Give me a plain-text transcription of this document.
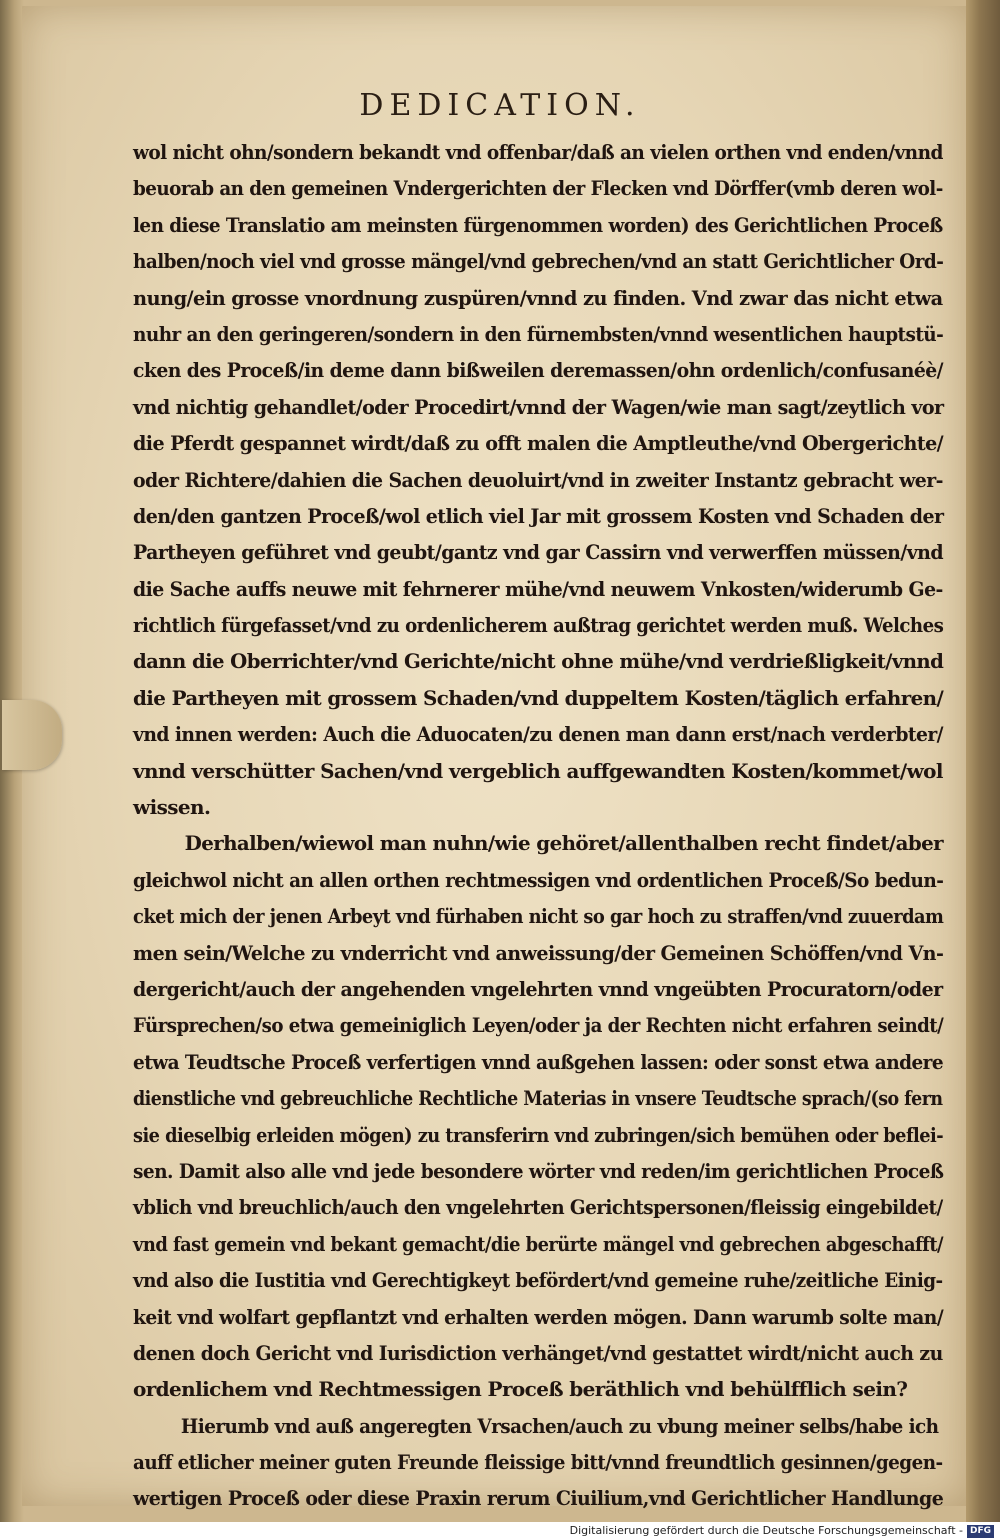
DEDICATION.
wol nicht ohn/sondern bekandt vnd offenbar/daß an vielen orthen vnd enden/vnnd
beuorab an den gemeinen Vndergerichten der Flecken vnd Dörffer(vmb deren wol-
len diese Translatio am meinsten fürgenommen worden) des Gerichtlichen Proceß
halben/noch viel vnd grosse mängel/vnd gebrechen/vnd an statt Gerichtlicher Ord-
nung/ein grosse vnordnung zuspüren/vnnd zu finden. Vnd zwar das nicht etwa
nuhr an den geringeren/sondern in den fürnembsten/vnnd wesentlichen hauptstü-
cken des Proceß/in deme dann bißweilen deremassen/ohn ordenlich/confusanéè/
vnd nichtig gehandlet/oder Procedirt/vnnd der Wagen/wie man sagt/zeytlich vor
die Pferdt gespannet wirdt/daß zu offt malen die Amptleuthe/vnd Obergerichte/
oder Richtere/dahien die Sachen deuoluirt/vnd in zweiter Instantz gebracht wer-
den/den gantzen Proceß/wol etlich viel Jar mit grossem Kosten vnd Schaden der
Partheyen geführet vnd geubt/gantz vnd gar Cassirn vnd verwerffen müssen/vnd
die Sache auffs neuwe mit fehrnerer mühe/vnd neuwem Vnkosten/widerumb Ge-
richtlich fürgefasset/vnd zu ordenlicherem außtrag gerichtet werden muß. Welches
dann die Oberrichter/vnd Gerichte/nicht ohne mühe/vnd verdrießligkeit/vnnd
die Partheyen mit grossem Schaden/vnd duppeltem Kosten/täglich erfahren/
vnd innen werden: Auch die Aduocaten/zu denen man dann erst/nach verderbter/
vnnd verschütter Sachen/vnd vergeblich auffgewandten Kosten/kommet/wol
wissen.
Derhalben/wiewol man nuhn/wie gehöret/allenthalben recht findet/aber
gleichwol nicht an allen orthen rechtmessigen vnd ordentlichen Proceß/So bedun-
cket mich der jenen Arbeyt vnd fürhaben nicht so gar hoch zu straffen/vnd zuuerdam
men sein/Welche zu vnderricht vnd anweissung/der Gemeinen Schöffen/vnd Vn-
dergericht/auch der angehenden vngelehrten vnnd vngeübten Procuratorn/oder
Fürsprechen/so etwa gemeiniglich Leyen/oder ja der Rechten nicht erfahren seindt/
etwa Teudtsche Proceß verfertigen vnnd außgehen lassen: oder sonst etwa andere
dienstliche vnd gebreuchliche Rechtliche Materias in vnsere Teudtsche sprach/(so fern
sie dieselbig erleiden mögen) zu transferirn vnd zubringen/sich bemühen oder beflei-
sen. Damit also alle vnd jede besondere wörter vnd reden/im gerichtlichen Proceß
vblich vnd breuchlich/auch den vngelehrten Gerichtspersonen/fleissig eingebildet/
vnd fast gemein vnd bekant gemacht/die berürte mängel vnd gebrechen abgeschafft/
vnd also die Iustitia vnd Gerechtigkeyt befördert/vnd gemeine ruhe/zeitliche Einig-
keit vnd wolfart gepflantzt vnd erhalten werden mögen. Dann warumb solte man/
denen doch Gericht vnd Iurisdiction verhänget/vnd gestattet wirdt/nicht auch zu
ordenlichem vnd Rechtmessigen Proceß beräthlich vnd behülfflich sein?
Hierumb vnd auß angeregten Vrsachen/auch zu vbung meiner selbs/habe ich
auff etlicher meiner guten Freunde fleissige bitt/vnnd freundtlich gesinnen/gegen-
wertigen Proceß oder diese Praxin rerum Ciuilium,vnd Gerichtlicher Handlunge
Digitalisierung gefördert durch die Deutsche Forschungsgemeinschaft - DFG
